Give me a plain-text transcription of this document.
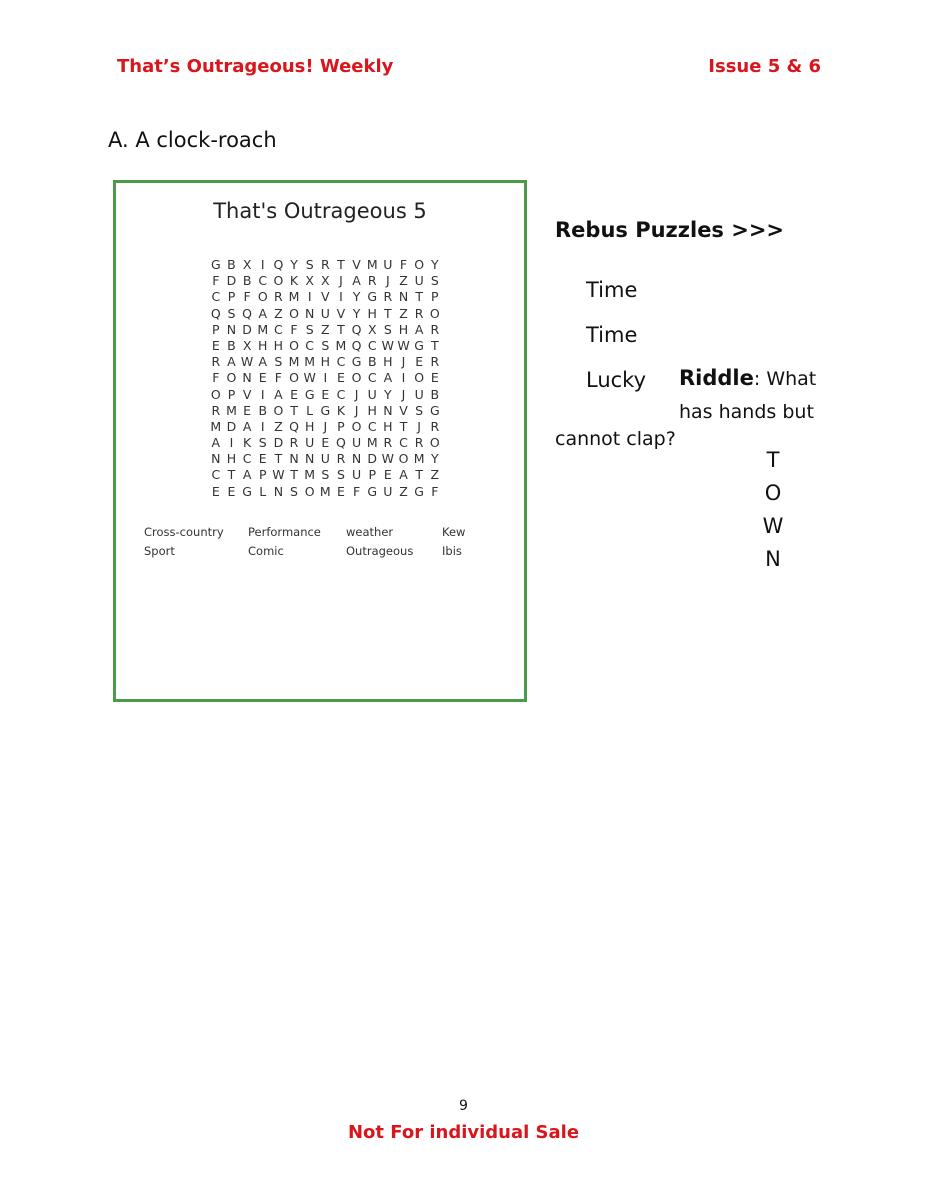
That’s Outrageous! Weekly	Issue 5 & 6
A. A clock-roach
That's Outrageous 5
G B X I Q Y S R T V M U F O Y
F D B C O K X X J A R J Z U S
C P F O R M I V I Y G R N T P
Q S Q A Z O N U V Y H T Z R O
P N D M C F S Z T Q X S H A R
E B X H H O C S M Q C W W G T
R A W A S M M H C G B H J E R
F O N E F O W I E O C A I O E
O P V I A E G E C J U Y J U B
R M E B O T L G K J H N V S G
M D A I Z Q H J P O C H T J R
A I K S D R U E Q U M R C R O
N H C E T N N U R N D W O M Y
C T A P W T M S S U P E A T Z
E E G L N S O M E F G U Z G F
Cross-country	Performance	weather	Kew
Sport	Comic	Outrageous	Ibis
Rebus Puzzles >>>
Time
Time
Lucky Riddle: What has hands but
cannot clap?
T
O
W
N
9
Not For individual Sale
